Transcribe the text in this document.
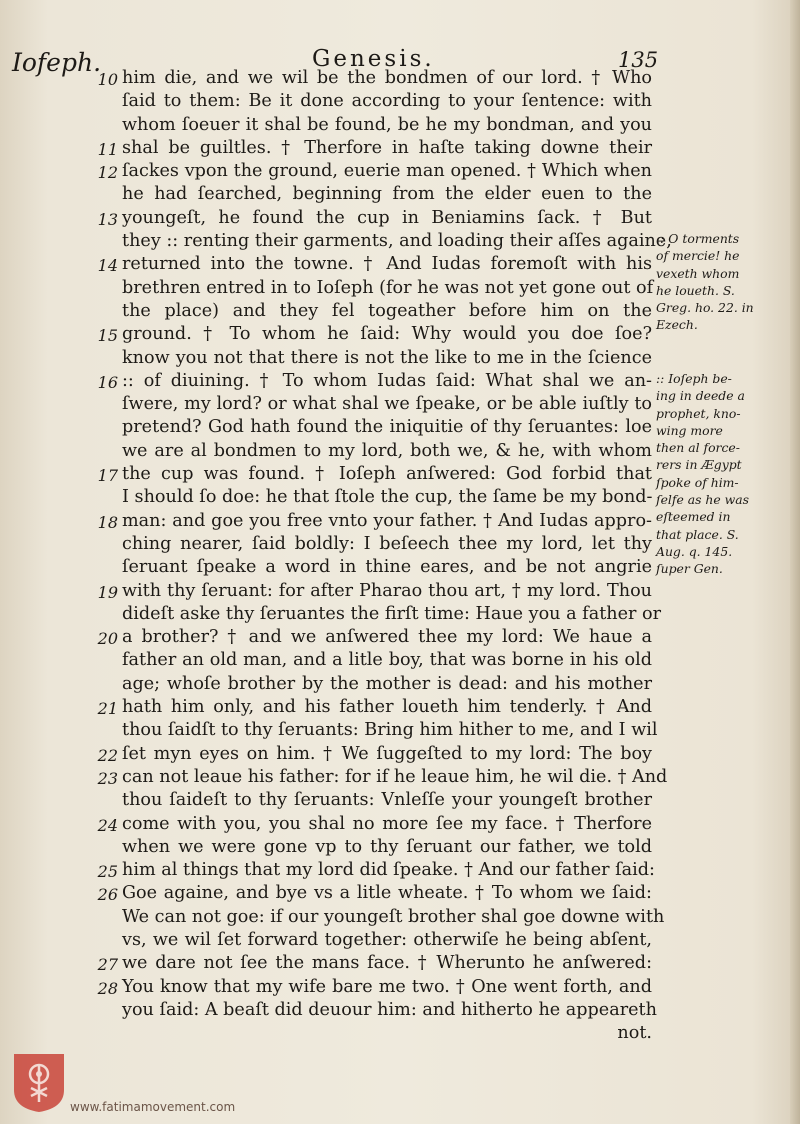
Iofeph.	Genesis.	135
10 him die, and we wil be the bondmen of our lord. † Who
ſaid to them: Be it done according to your ſentence: with
whom ſoeuer it shal be found, be he my bondman, and you
11 shal be guiltles. † Therfore in haſte taking downe their
12 ſackes vpon the ground, euerie man opened. † Which when
he had ſearched, beginning from the elder euen to the
13 youngeſt, he found the cup in Beniamins ſack. † But
they :: renting their garments, and loading their aſſes againe,
14 returned into the towne. † And Iudas foremoſt with his
brethren entred in to Ioſeph (for he was not yet gone out of
the place) and they fel togeather before him on the
15 ground. † To whom he ſaid: Why would you doe ſoe?
know you not that there is not the like to me in the ſcience
16 :: of diuining. † To whom Iudas ſaid: What shal we an-
ſwere, my lord? or what shal we ſpeake, or be able iuſtly to
pretend? God hath found the iniquitie of thy ſeruantes: loe
we are al bondmen to my lord, both we, & he, with whom
17 the cup was found. † Ioſeph anſwered: God forbid that
I should ſo doe: he that ſtole the cup, the ſame be my bond-
18 man: and goe you free vnto your father. † And Iudas appro-
ching nearer, ſaid boldly: I beſeech thee my lord, let thy
ſeruant ſpeake a word in thine eares, and be not angrie
19 with thy ſeruant: for after Pharao thou art, † my lord. Thou
dideſt aske thy ſeruantes the firſt time: Haue you a father or
20 a brother? † and we anſwered thee my lord: We haue a
father an old man, and a litle boy, that was borne in his old
age; whoſe brother by the mother is dead: and his mother
21 hath him only, and his father loueth him tenderly. † And
thou ſaidſt to thy ſeruants: Bring him hither to me, and I wil
22 ſet myn eyes on him. † We ſuggeſted to my lord: The boy
23 can not leaue his father: for if he leaue him, he wil die. † And
thou ſaideſt to thy ſeruants: Vnleſſe your youngeſt brother
24 come with you, you shal no more ſee my face. † Therfore
when we were gone vp to thy ſeruant our father, we told
25 him al things that my lord did ſpeake. † And our father ſaid:
26 Goe againe, and bye vs a litle wheate. † To whom we ſaid:
We can not goe: if our youngeſt brother shal goe downe with
vs, we wil ſet forward together: otherwiſe he being abſent,
27 we dare not ſee the mans face. † Wherunto he anſwered:
28 You know that my wife bare me two. † One went forth, and
you ſaid: A beaſt did deuour him: and hitherto he appeareth
not.
:: O torments
of mercie! he
vexeth whom
he loueth. S.
Greg. ho. 22. in
Ezech.
:: Ioſeph be-
ing in deede a
prophet, kno-
wing more
then al force-
rers in Ægypt
ſpoke of him-
ſelfe as he was
eſteemed in
that place. S.
Aug. q. 145.
ſuper Gen.
www.fatimamovement.com
